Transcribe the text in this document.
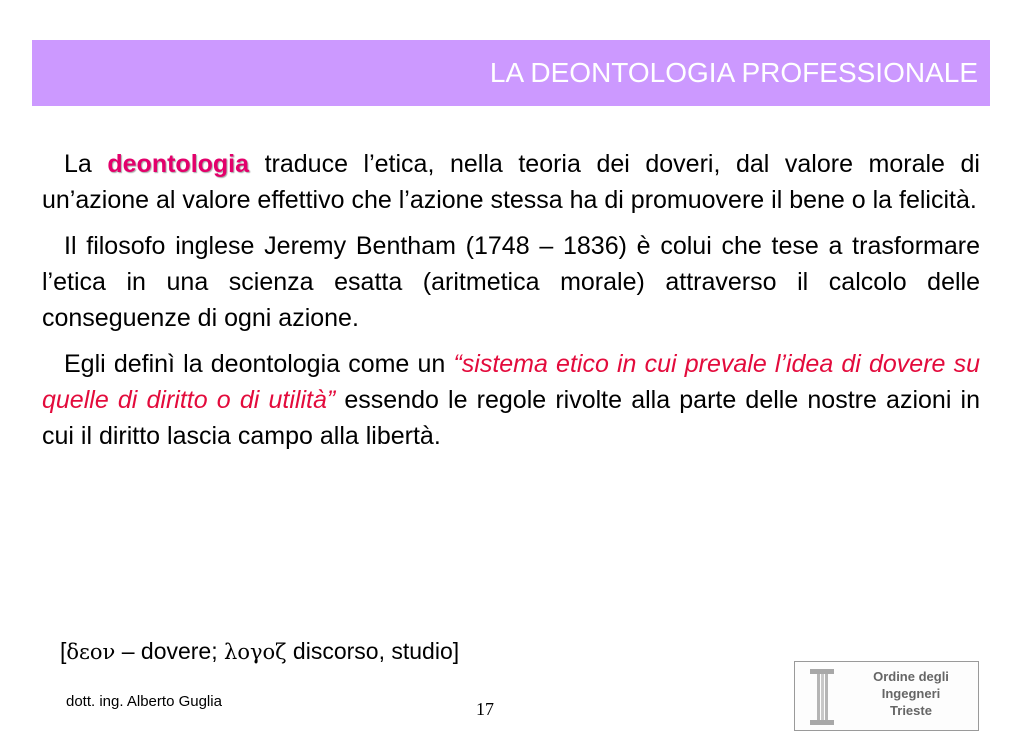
LA DEONTOLOGIA PROFESSIONALE

La deontologia traduce l’etica, nella teoria dei doveri, dal valore morale di un’azione al valore effettivo che l’azione stessa ha di promuovere il bene o la felicità.

Il filosofo inglese Jeremy Bentham (1748 – 1836) è colui che tese a trasformare l’etica in una scienza esatta (aritmetica morale) attraverso il calcolo delle conseguenze di ogni azione.

Egli definì la deontologia come un “sistema etico in cui prevale l’idea di dovere su quelle di diritto o di utilità” essendo le regole rivolte alla parte delle nostre azioni in cui il diritto lascia campo alla libertà.

[δεον – dovere; λογοζ discorso, studio]
dott. ing. Alberto Guglia	17
Ordine degli
Ingegneri
Trieste
